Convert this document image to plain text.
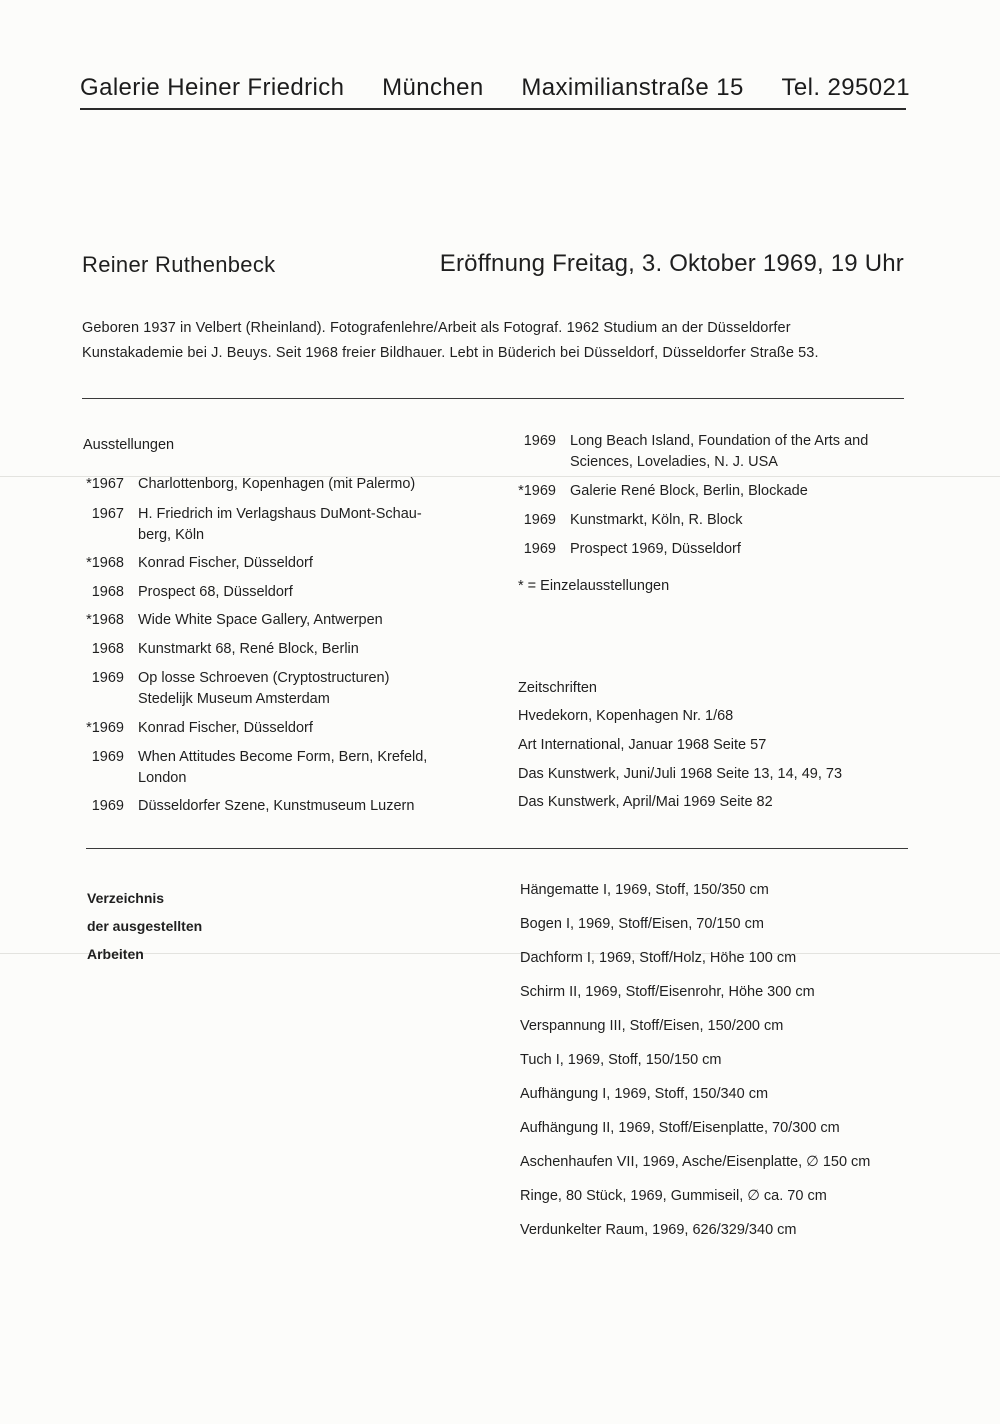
Galerie Heiner Friedrich München Maximilianstraße 15 Tel. 295021
Reiner Ruthenbeck	Eröffnung Freitag, 3. Oktober 1969, 19 Uhr
Geboren 1937 in Velbert (Rheinland). Fotografenlehre/Arbeit als Fotograf. 1962 Studium an der Düsseldorfer
Kunstakademie bei J. Beuys. Seit 1968 freier Bildhauer. Lebt in Büderich bei Düsseldorf, Düsseldorfer Straße 53.
Ausstellungen
*1967 Charlottenborg, Kopenhagen (mit Palermo)
1967 H. Friedrich im Verlagshaus DuMont-Schau-
berg, Köln
*1968 Konrad Fischer, Düsseldorf
1968 Prospect 68, Düsseldorf
*1968 Wide White Space Gallery, Antwerpen
1968 Kunstmarkt 68, René Block, Berlin
1969 Op losse Schroeven (Cryptostructuren)
Stedelijk Museum Amsterdam
*1969 Konrad Fischer, Düsseldorf
1969 When Attitudes Become Form, Bern, Krefeld,
London
1969 Düsseldorfer Szene, Kunstmuseum Luzern
1969 Long Beach Island, Foundation of the Arts and
Sciences, Loveladies, N. J. USA
*1969 Galerie René Block, Berlin, Blockade
1969 Kunstmarkt, Köln, R. Block
1969 Prospect 1969, Düsseldorf
* = Einzelausstellungen
Zeitschriften
Hvedekorn, Kopenhagen Nr. 1/68
Art International, Januar 1968 Seite 57
Das Kunstwerk, Juni/Juli 1968 Seite 13, 14, 49, 73
Das Kunstwerk, April/Mai 1969 Seite 82
Verzeichnis
der ausgestellten
Arbeiten
Hängematte I, 1969, Stoff, 150/350 cm
Bogen I, 1969, Stoff/Eisen, 70/150 cm
Dachform I, 1969, Stoff/Holz, Höhe 100 cm
Schirm II, 1969, Stoff/Eisenrohr, Höhe 300 cm
Verspannung III, Stoff/Eisen, 150/200 cm
Tuch I, 1969, Stoff, 150/150 cm
Aufhängung I, 1969, Stoff, 150/340 cm
Aufhängung II, 1969, Stoff/Eisenplatte, 70/300 cm
Aschenhaufen VII, 1969, Asche/Eisenplatte, ∅ 150 cm
Ringe, 80 Stück, 1969, Gummiseil, ∅ ca. 70 cm
Verdunkelter Raum, 1969, 626/329/340 cm
